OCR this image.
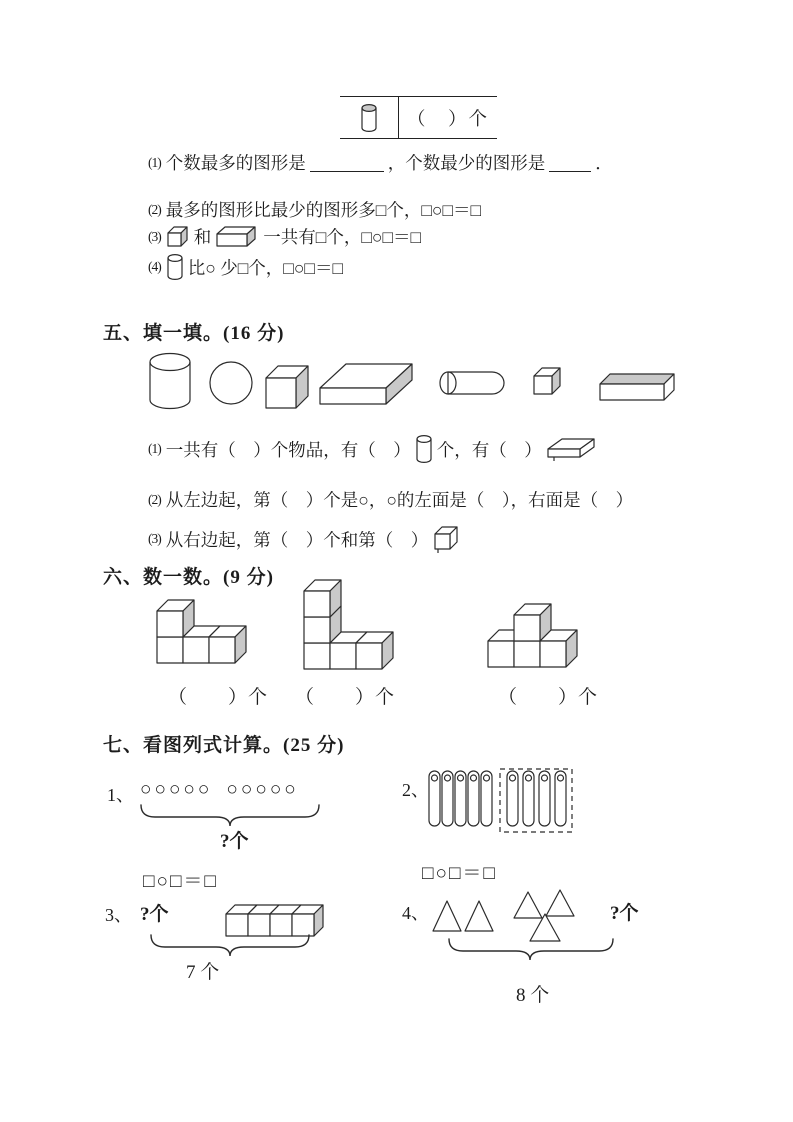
（　）个
(1) 个数最多的图形是	，个数最少的图形是	．
(2) 最多的图形比最少的图形多□个，□○□＝□
(3) 和	一共有□个，□○□＝□
(4) 比○ 少□个，□○□＝□
五、填一填。(16 分)
(1) 一共有（　）个物品，有（　） 个，有（　）
(2) 从左边起，第（　）个是○，○的左面是（　），右面是（　）
(3) 从右边起，第（　）个和第（　）
六、数一数。(9 分)
（　　）个 （　　）个	（　　）个
七、看图列式计算。(25 分)
1、 ○○○○○ ○○○○○
?个
□○□＝□
2、
□○□＝□
3、 ?个
7 个
4、	?个
8 个
